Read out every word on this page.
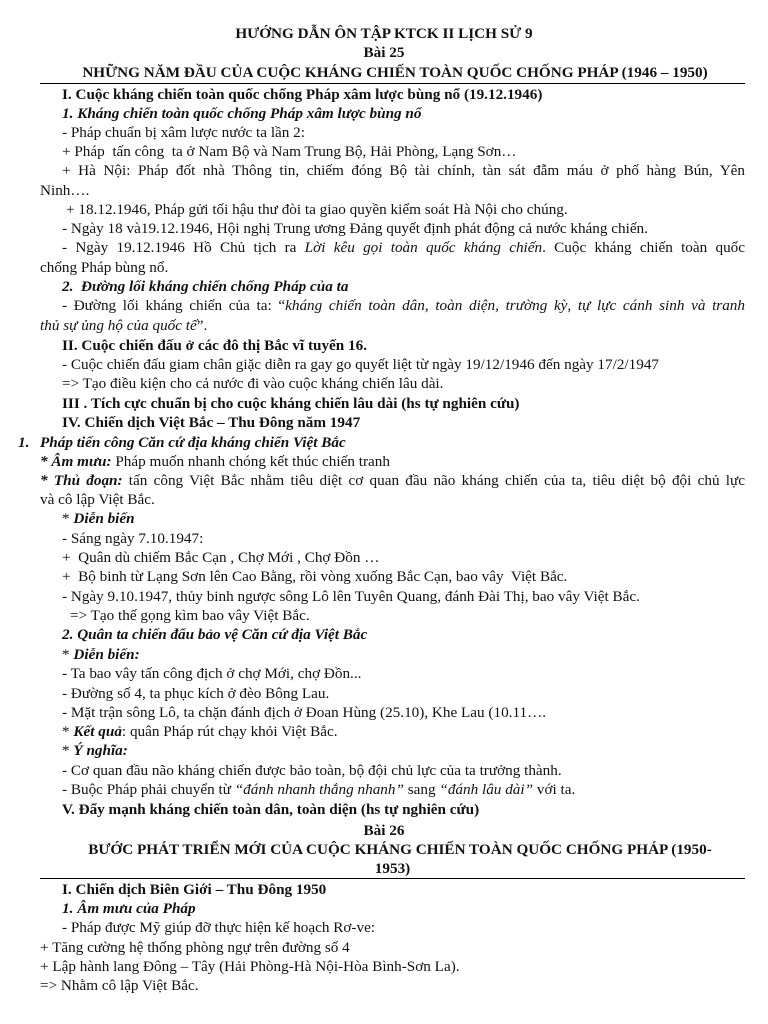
HƯỚNG DẪN ÔN TẬP KTCK II LỊCH SỬ 9
Bài 25
NHỮNG NĂM ĐẦU CỦA CUỘC KHÁNG CHIẾN TOÀN QUỐC CHỐNG PHÁP (1946 – 1950)
I. Cuộc kháng chiến toàn quốc chống Pháp xâm lược bùng nổ (19.12.1946)
1. Kháng chiến toàn quốc chống Pháp xâm lược bùng nổ
- Pháp chuẩn bị xâm lược nước ta lần 2:
+ Pháp  tấn công  ta ở Nam Bộ và Nam Trung Bộ, Hải Phòng, Lạng Sơn…
+ Hà Nội: Pháp đốt nhà Thông tin, chiếm đóng Bộ tài chính, tàn sát đẫm máu ở phố hàng Bún, Yên
Ninh….
+ 18.12.1946, Pháp gửi tối hậu thư đòi ta giao quyền kiểm soát Hà Nội cho chúng.
- Ngày 18 và19.12.1946, Hội nghị Trung ương Đảng quyết định phát động cả nước kháng chiến.
- Ngày 19.12.1946 Hồ Chủ tịch ra Lời kêu gọi toàn quốc kháng chiến. Cuộc kháng chiến toàn quốc
chống Pháp bùng nổ.
2.  Đường lối kháng chiến chống Pháp của ta
- Đường lối kháng chiến của ta: “kháng chiến toàn dân, toàn diện, trường kỳ, tự lực cánh sinh và tranh
thủ sự ủng hộ của quốc tế”.
II. Cuộc chiến đấu ở các đô thị Bắc vĩ tuyến 16.
- Cuộc chiến đấu giam chân giặc diễn ra gay go quyết liệt từ ngày 19/12/1946 đến ngày 17/2/1947
=> Tạo điều kiện cho cả nước đi vào cuộc kháng chiến lâu dài.
III . Tích cực chuẩn bị cho cuộc kháng chiến lâu dài (hs tự nghiên cứu)
IV. Chiến dịch Việt Bắc – Thu Đông năm 1947
Pháp tiến công Căn cứ địa kháng chiến Việt Bắc
* Âm mưu: Pháp muốn nhanh chóng kết thúc chiến tranh
* Thủ đoạn: tấn công Việt Bắc nhằm tiêu diệt cơ quan đầu não kháng chiến của ta, tiêu diệt bộ đội chủ lực
và cô lập Việt Bắc.
* Diễn biến
- Sáng ngày 7.10.1947:
+  Quân dù chiếm Bắc Cạn , Chợ Mới , Chợ Đồn …
+  Bộ binh từ Lạng Sơn lên Cao Bằng, rồi vòng xuống Bắc Cạn, bao vây  Việt Bắc.
- Ngày 9.10.1947, thủy binh ngược sông Lô lên Tuyên Quang, đánh Đài Thị, bao vây Việt Bắc.
=> Tạo thế gọng kìm bao vây Việt Bắc.
2. Quân ta chiến đấu bảo vệ Căn cứ địa Việt Bắc
* Diễn biến:
- Ta bao vây tấn công địch ở chợ Mới, chợ Đồn...
- Đường số 4, ta phục kích ở đèo Bông Lau.
- Mặt trận sông Lô, ta chặn đánh địch ở Đoan Hùng (25.10), Khe Lau (10.11….
* Kết quả: quân Pháp rút chạy khỏi Việt Bắc.
* Ý nghĩa:
- Cơ quan đầu não kháng chiến được bảo toàn, bộ đội chủ lực của ta trưởng thành.
- Buộc Pháp phải chuyển từ “đánh nhanh thắng nhanh” sang “đánh lâu dài” với ta.
V. Đẩy mạnh kháng chiến toàn dân, toàn diện (hs tự nghiên cứu)
1.
Bài 26
BƯỚC PHÁT TRIỂN MỚI CỦA CUỘC KHÁNG CHIẾN TOÀN QUỐC CHỐNG PHÁP (1950-
1953)
I. Chiến dịch Biên Giới – Thu Đông 1950
1. Âm mưu của Pháp
- Pháp được Mỹ giúp đỡ thực hiện kế hoạch Rơ-ve:
+ Tăng cường hệ thống phòng ngự trên đường số 4
+ Lập hành lang Đông – Tây (Hải Phòng-Hà Nội-Hòa Bình-Sơn La).
=> Nhằm cô lập Việt Bắc.
